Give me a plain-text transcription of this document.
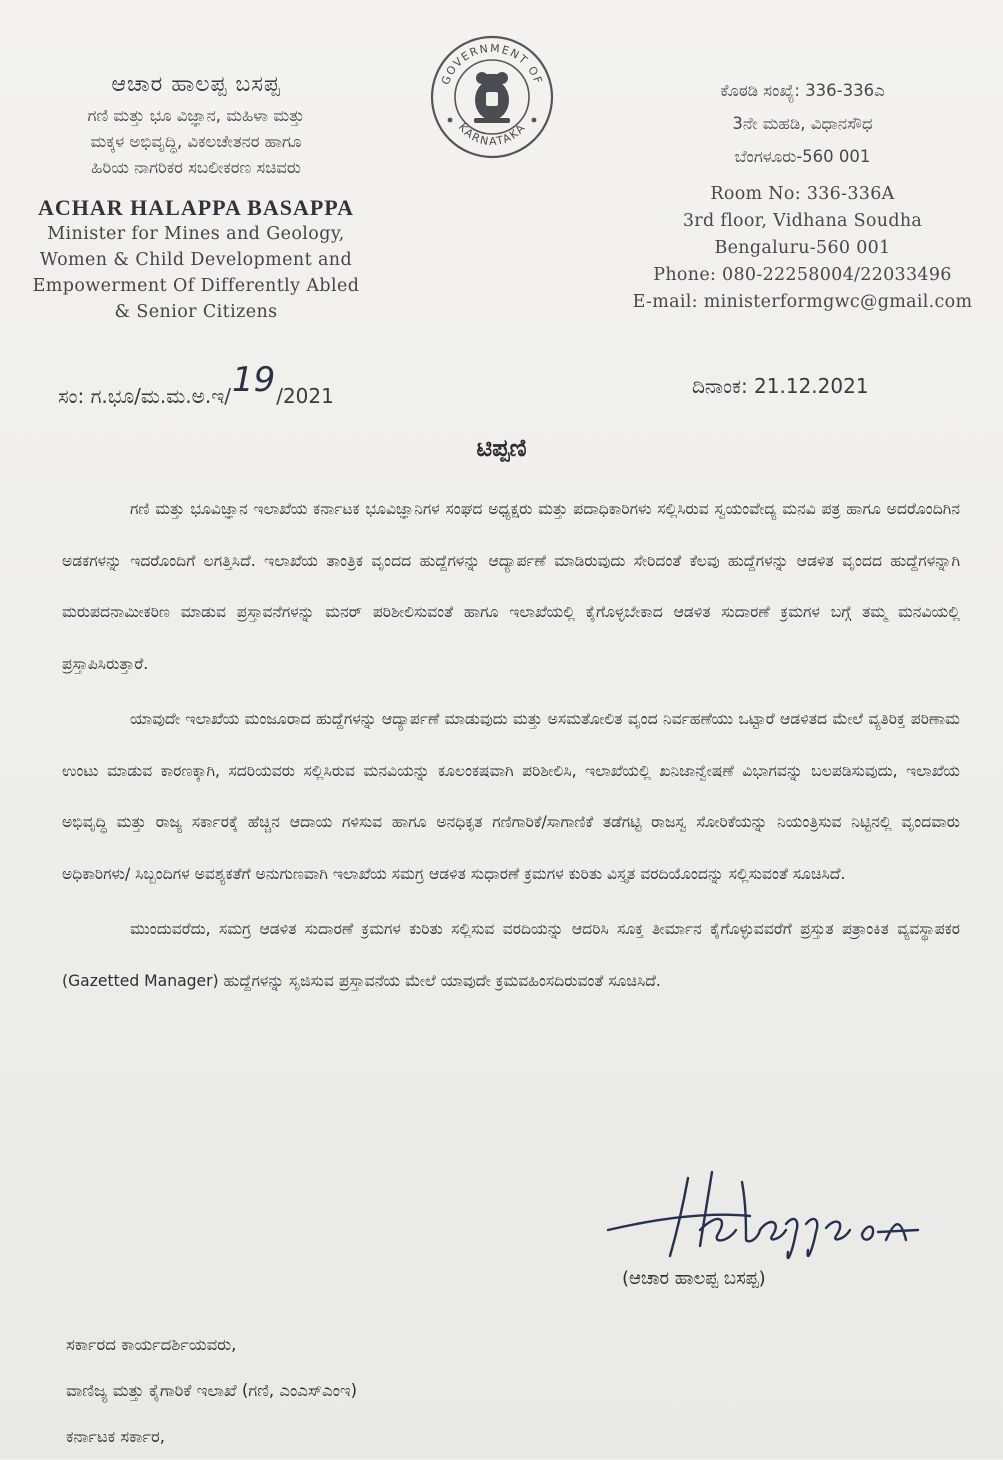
ಆಚಾರ ಹಾಲಪ್ಪ ಬಸಪ್ಪ
ಗಣಿ ಮತ್ತು ಭೂ ವಿಜ್ಞಾನ, ಮಹಿಳಾ ಮತ್ತು
ಮಕ್ಕಳ ಅಭಿವೃದ್ಧಿ, ವಿಕಲಚೇತನರ ಹಾಗೂ
ಹಿರಿಯ ನಾಗರಿಕರ ಸಬಲೀಕರಣ ಸಚಿವರು
ACHAR HALAPPA BASAPPA
Minister for Mines and Geology,
Women & Child Development and
Empowerment Of Differently Abled
& Senior Citizens
GOVERNMENT OF
KARNATAKA
ಕೊಠಡಿ ಸಂಖ್ಯೆ: 336-336ಎ
3ನೇ ಮಹಡಿ, ವಿಧಾನಸೌಧ
ಬೆಂಗಳೂರು-560 001
Room No: 336-336A
3rd floor, Vidhana Soudha
Bengaluru-560 001
Phone: 080-22258004/22033496
E-mail: ministerformgwc@gmail.com
ಸಂ: ಗ.ಭೂ/ಮ.ಮ.ಅ.ಇ/19/2021	ದಿನಾಂಕ: 21.12.2021
ಟಿಪ್ಪಣಿ

ಗಣಿ ಮತ್ತು ಭೂವಿಜ್ಞಾನ ಇಲಾಖೆಯ ಕರ್ನಾಟಕ ಭೂವಿಜ್ಞಾನಿಗಳ ಸಂಘದ ಅಧ್ಯಕ್ಷರು ಮತ್ತು ಪದಾಧಿಕಾರಿಗಳು ಸಲ್ಲಿಸಿರುವ ಸ್ವಯಂವೇದ್ಯ ಮನವಿ ಪತ್ರ ಹಾಗೂ ಅದರೊಂದಿಗಿನ ಅಡಕಗಳನ್ನು ಇದರೊಂದಿಗೆ ಲಗತ್ತಿಸಿದೆ. ಇಲಾಖೆಯ ತಾಂತ್ರಿಕ ವೃಂದದ ಹುದ್ದೆಗಳನ್ನು ಆದ್ಯಾರ್ಪಣೆ ಮಾಡಿರುವುದು ಸೇರಿದಂತೆ ಕೆಲವು ಹುದ್ದೆಗಳನ್ನು ಆಡಳಿತ ವೃಂದದ ಹುದ್ದೆಗಳನ್ನಾಗಿ ಮರುಪದನಾಮೀಕರಿಣ ಮಾಡುವ ಪ್ರಸ್ತಾವನೆಗಳನ್ನು ಮನರ್ ಪರಿಶೀಲಿಸುವಂತೆ ಹಾಗೂ ಇಲಾಖೆಯಲ್ಲಿ ಕೈಗೊಳ್ಳಬೇಕಾದ ಆಡಳಿತ ಸುದಾರಣೆ ಕ್ರಮಗಳ ಬಗ್ಗೆ ತಮ್ಮ ಮನವಿಯಲ್ಲಿ ಪ್ರಸ್ತಾಪಿಸಿರುತ್ತಾರೆ.

ಯಾವುದೇ ಇಲಾಖೆಯ ಮಂಜೂರಾದ ಹುದ್ದೆಗಳನ್ನು ಆದ್ಯಾರ್ಪಣೆ ಮಾಡುವುದು ಮತ್ತು ಅಸಮತೋಲಿತ ವೃಂದ ನಿರ್ವಹಣೆಯು ಒಟ್ಟಾರೆ ಆಡಳಿತದ ಮೇಲೆ ವ್ಯತಿರಿಕ್ತ ಪರಿಣಾಮ ಉಂಟು ಮಾಡುವ ಕಾರಣಕ್ಕಾಗಿ, ಸದರಿಯವರು ಸಲ್ಲಿಸಿರುವ ಮನವಿಯನ್ನು ಕೂಲಂಕಷವಾಗಿ ಪರಿಶೀಲಿಸಿ, ಇಲಾಖೆಯಲ್ಲಿ ಖನಿಜಾನ್ವೇಷಣೆ ವಿಭಾಗವನ್ನು ಬಲಪಡಿಸುವುದು, ಇಲಾಖೆಯ ಅಭಿವೃದ್ಧಿ ಮತ್ತು ರಾಜ್ಯ ಸರ್ಕಾರಕ್ಕೆ ಹೆಚ್ಚಿನ ಆದಾಯ ಗಳಿಸುವ ಹಾಗೂ ಅನಧಿಕೃತ ಗಣಿಗಾರಿಕೆ/ಸಾಗಾಣಿಕೆ ತಡೆಗಟ್ಟಿ ರಾಜಸ್ವ ಸೋರಿಕೆಯನ್ನು ನಿಯಂತ್ರಿಸುವ ನಿಟ್ಟಿನಲ್ಲಿ ವೃಂದವಾರು ಅಧಿಕಾರಿಗಳು/ ಸಿಬ್ಬಂದಿಗಳ ಅವಶ್ಯಕತೆಗೆ ಅನುಗುಣವಾಗಿ ಇಲಾಖೆಯ ಸಮಗ್ರ ಆಡಳಿತ ಸುಧಾರಣೆ ಕ್ರಮಗಳ ಕುರಿತು ವಿಸ್ತೃತ ವರದಿಯೊಂದನ್ನು ಸಲ್ಲಿಸುವಂತೆ ಸೂಚಿಸಿದೆ.

ಮುಂದುವರೆದು, ಸಮಗ್ರ ಆಡಳಿತ ಸುದಾರಣೆ ಕ್ರಮಗಳ ಕುರಿತು ಸಲ್ಲಿಸುವ ವರದಿಯನ್ನು ಆದರಿಸಿ ಸೂಕ್ತ ತೀರ್ಮಾನ ಕೈಗೊಳ್ಳುವವರೆಗೆ ಪ್ರಸ್ತುತ ಪತ್ರಾಂಕಿತ ವ್ಯವಸ್ಥಾಪಕರ (Gazetted Manager) ಹುದ್ದೆಗಳನ್ನು ಸೃಜಿಸುವ ಪ್ರಸ್ತಾವನೆಯ ಮೇಲೆ ಯಾವುದೇ ಕ್ರಮವಹಿಂಸದಿರುವಂತೆ ಸೂಚಿಸಿದೆ.

(ಆಚಾರ ಹಾಲಪ್ಪ ಬಸಪ್ಪ)
ಸರ್ಕಾರದ ಕಾರ್ಯದರ್ಶಿಯವರು,
ವಾಣಿಜ್ಯ ಮತ್ತು ಕೈಗಾರಿಕೆ ಇಲಾಖೆ (ಗಣಿ, ಎಂಎಸ್ಎಂಇ)
ಕರ್ನಾಟಕ ಸರ್ಕಾರ,
